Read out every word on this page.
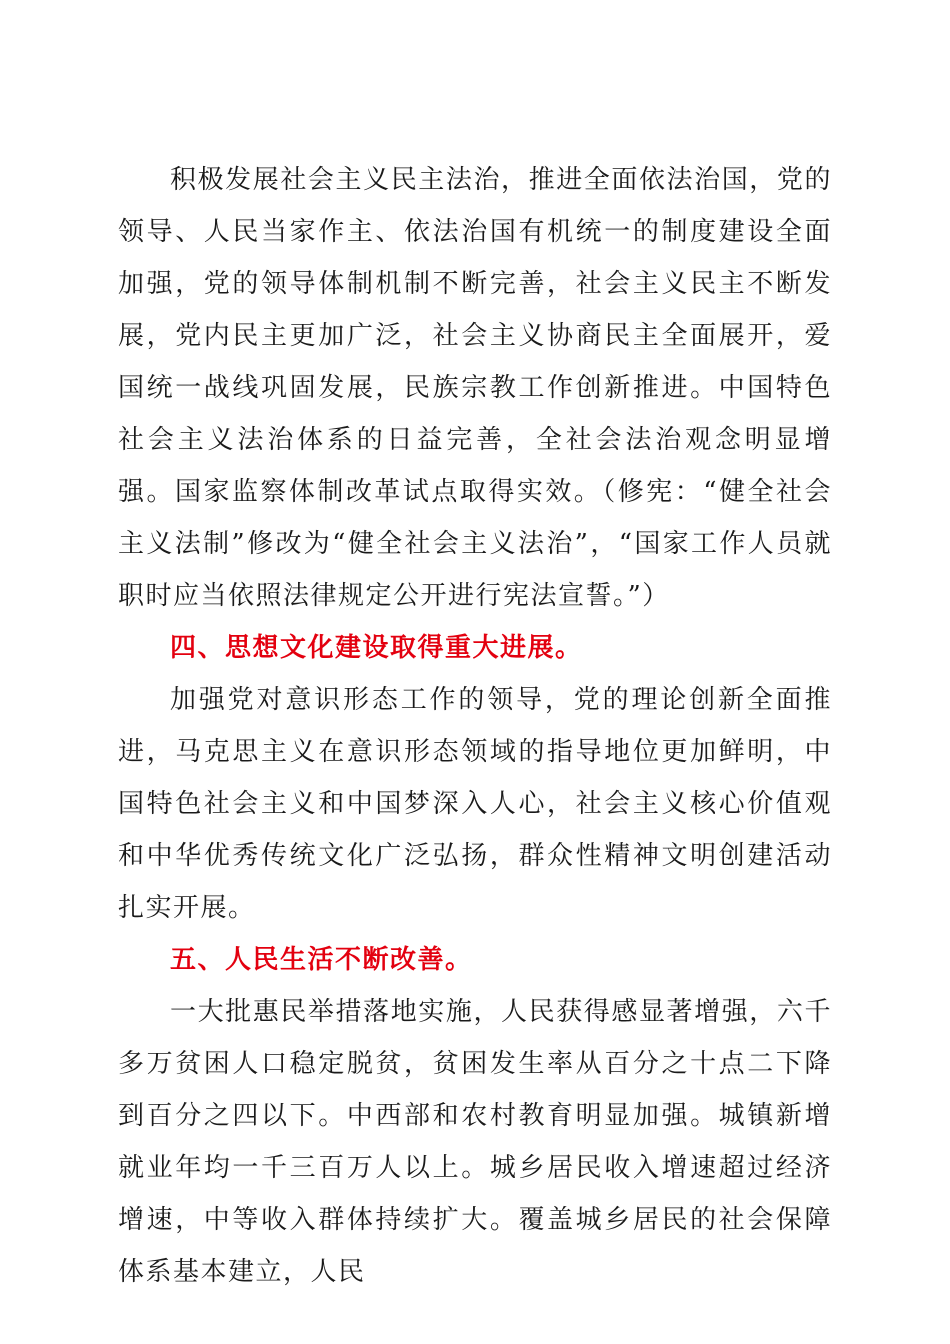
积极发展社会主义民主法治，推进全面依法治国，党的领导、人民当家作主、依法治国有机统一的制度建设全面加强，党的领导体制机制不断完善，社会主义民主不断发展，党内民主更加广泛，社会主义协商民主全面展开，爱国统一战线巩固发展，民族宗教工作创新推进。中国特色社会主义法治体系的日益完善，全社会法治观念明显增强。国家监察体制改革试点取得实效。（修宪：“健全社会主义法制”修改为“健全社会主义法治”，“国家工作人员就职时应当依照法律规定公开进行宪法宣誓。”）

四、思想文化建设取得重大进展。

加强党对意识形态工作的领导，党的理论创新全面推进，马克思主义在意识形态领域的指导地位更加鲜明，中国特色社会主义和中国梦深入人心，社会主义核心价值观和中华优秀传统文化广泛弘扬，群众性精神文明创建活动扎实开展。

五、人民生活不断改善。

一大批惠民举措落地实施，人民获得感显著增强，六千多万贫困人口稳定脱贫，贫困发生率从百分之十点二下降到百分之四以下。中西部和农村教育明显加强。城镇新增就业年均一千三百万人以上。城乡居民收入增速超过经济增速，中等收入群体持续扩大。覆盖城乡居民的社会保障体系基本建立，人民
